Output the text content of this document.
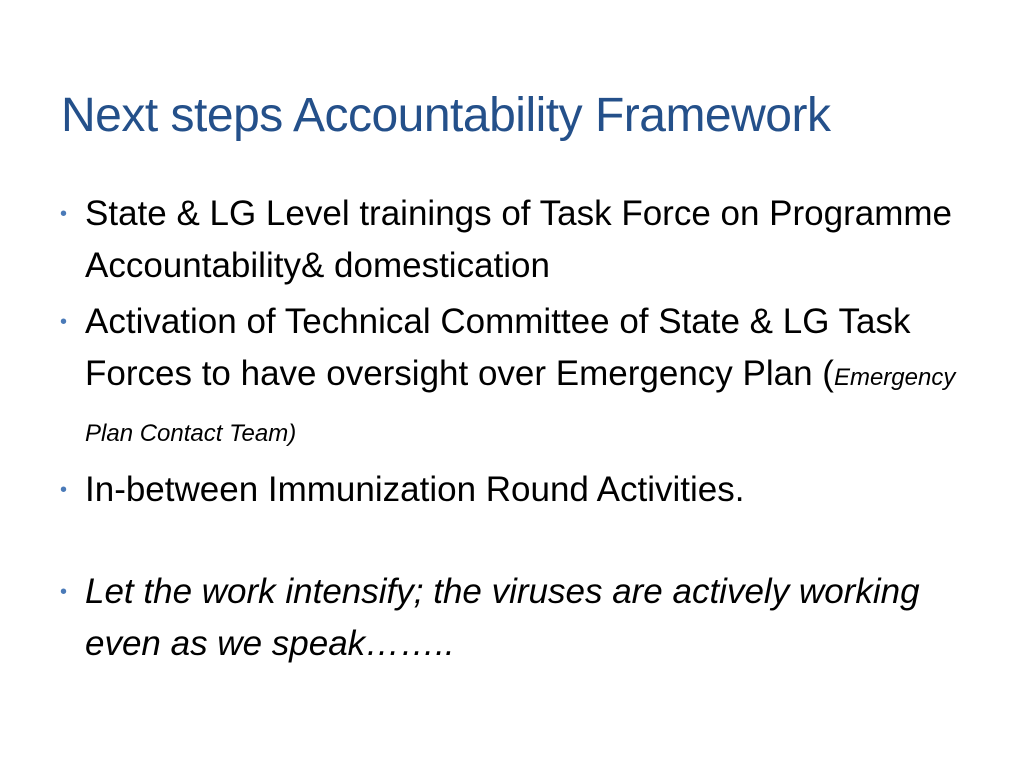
Next steps Accountability Framework
• State & LG Level trainings of Task Force on Programme Accountability& domestication
• Activation of Technical Committee of State & LG Task Forces to have oversight over Emergency Plan (Emergency Plan Contact Team)
• In-between Immunization Round Activities.
• Let the work intensify; the viruses are actively working even as we speak……..
